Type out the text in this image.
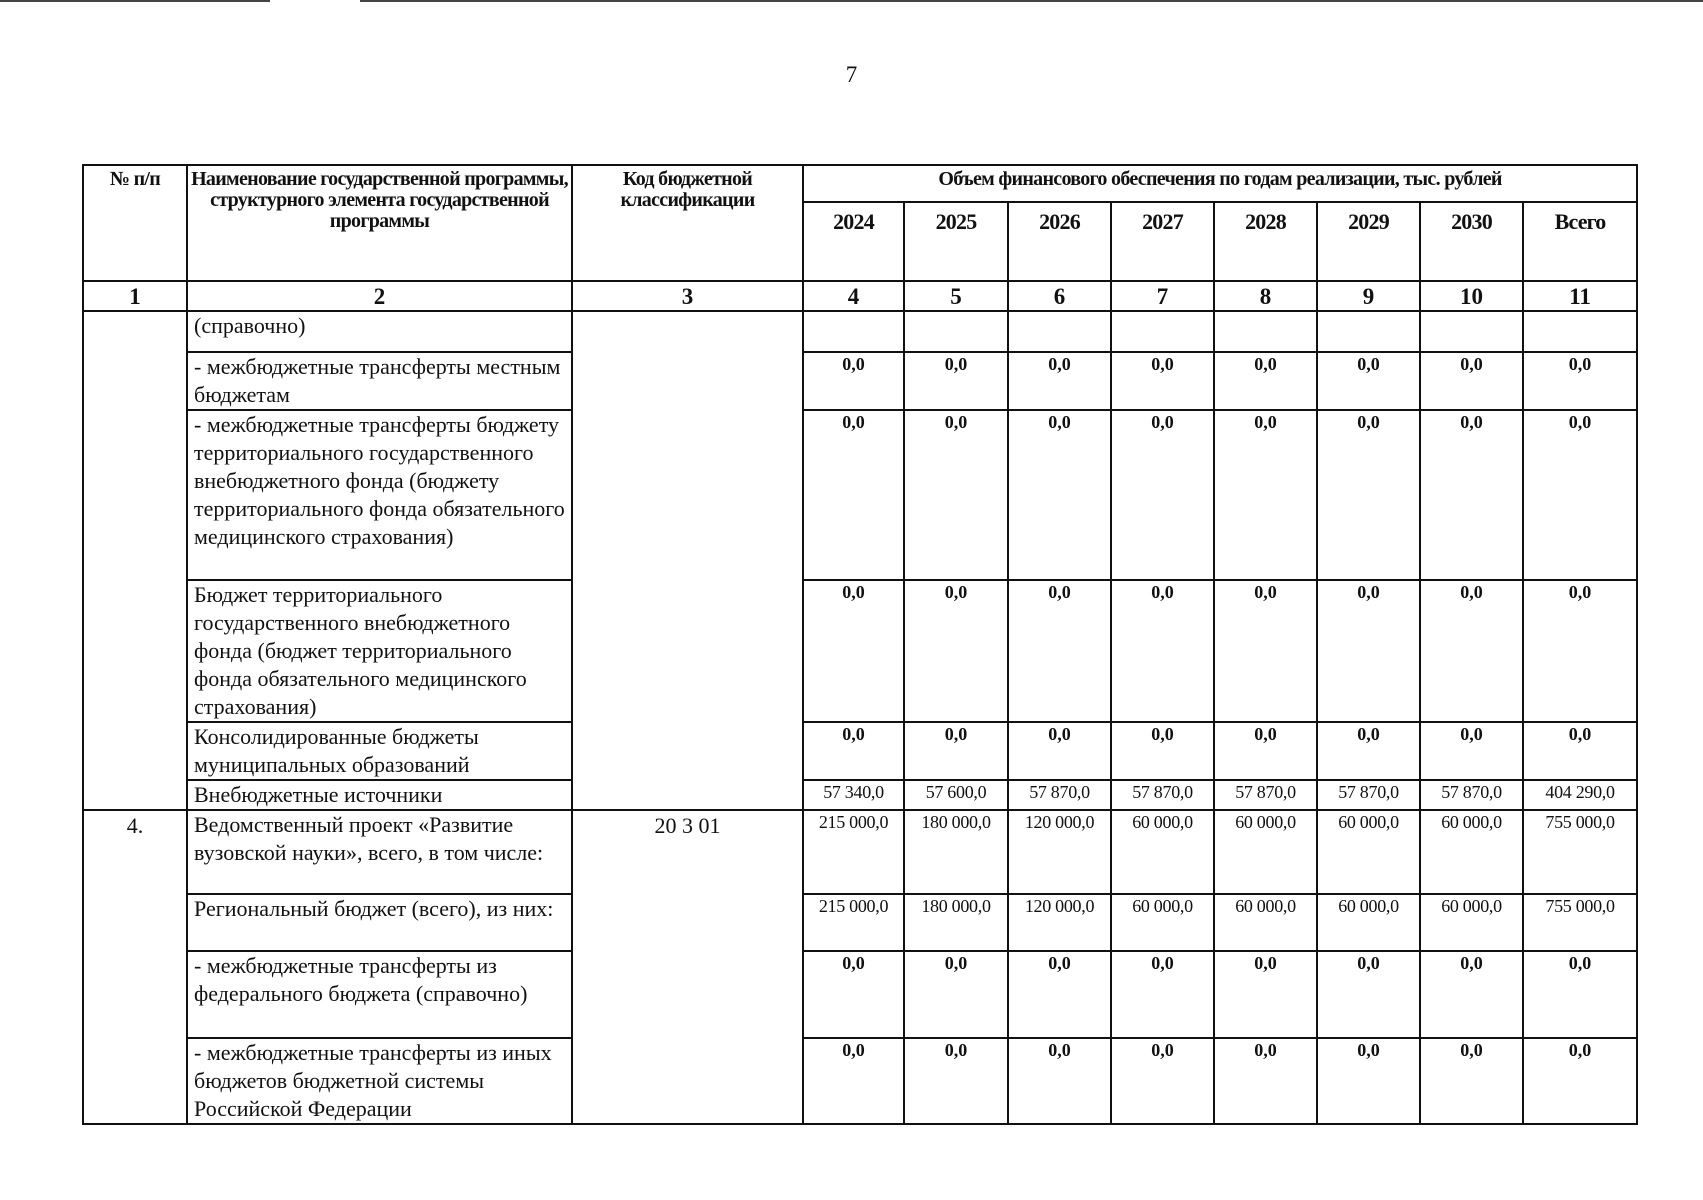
7
№ п/п	Наименование государственной программы, структурного элемента государственной программы	Код бюджетной классификации	Объем финансового обеспечения по годам реализации, тыс. рублей							
			2024	2025	2026	2027	2028	2029	2030	Всего
1	2	3	4	5	6	7	8	9	10	11
	(справочно)									
	- межбюджетные трансферты местным бюджетам		0,0	0,0	0,0	0,0	0,0	0,0	0,0	0,0
	- межбюджетные трансферты бюджету территориального государственного внебюджетного фонда (бюджету территориального фонда обязательного медицинского страхования)		0,0	0,0	0,0	0,0	0,0	0,0	0,0	0,0
	Бюджет территориального государственного внебюджетного фонда (бюджет территориального фонда обязательного медицинского страхования)		0,0	0,0	0,0	0,0	0,0	0,0	0,0	0,0
	Консолидированные бюджеты муниципальных образований		0,0	0,0	0,0	0,0	0,0	0,0	0,0	0,0
	Внебюджетные источники		57 340,0	57 600,0	57 870,0	57 870,0	57 870,0	57 870,0	57 870,0	404 290,0
4.	Ведомственный проект «Развитие вузовской науки», всего, в том числе:	20 3 01	215 000,0	180 000,0	120 000,0	60 000,0	60 000,0	60 000,0	60 000,0	755 000,0
	Региональный бюджет (всего), из них:		215 000,0	180 000,0	120 000,0	60 000,0	60 000,0	60 000,0	60 000,0	755 000,0
	- межбюджетные трансферты из федерального бюджета (справочно)		0,0	0,0	0,0	0,0	0,0	0,0	0,0	0,0
	- межбюджетные трансферты из иных бюджетов бюджетной системы Российской Федерации		0,0	0,0	0,0	0,0	0,0	0,0	0,0	0,0
